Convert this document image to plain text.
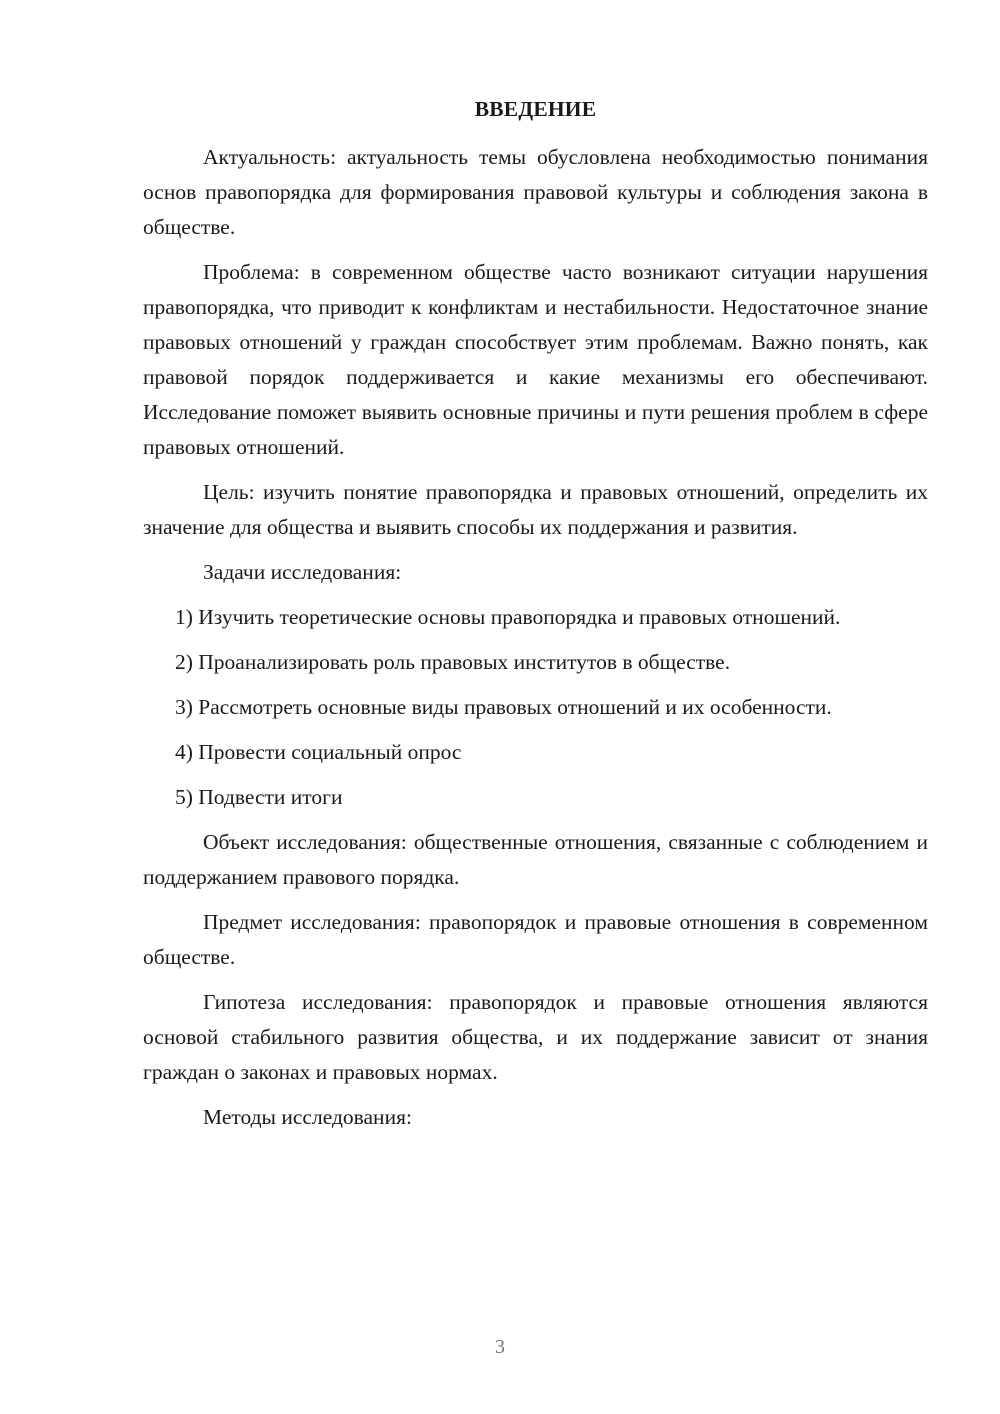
ВВЕДЕНИЕ

Актуальность: актуальность темы обусловлена необходимостью понимания основ правопорядка для формирования правовой культуры и соблюдения закона в обществе.

Проблема: в современном обществе часто возникают ситуации нарушения правопорядка, что приводит к конфликтам и нестабильности. Недостаточное знание правовых отношений у граждан способствует этим проблемам. Важно понять, как правовой порядок поддерживается и какие механизмы его обеспечивают. Исследование поможет выявить основные причины и пути решения проблем в сфере правовых отношений.

Цель: изучить понятие правопорядка и правовых отношений, определить их значение для общества и выявить способы их поддержания и развития.

Задачи исследования:

1) Изучить теоретические основы правопорядка и правовых отношений.

2) Проанализировать роль правовых институтов в обществе.

3) Рассмотреть основные виды правовых отношений и их особенности.

4) Провести социальный опрос

5) Подвести итоги

Объект исследования: общественные отношения, связанные с соблюдением и поддержанием правового порядка.

Предмет исследования: правопорядок и правовые отношения в современном обществе.

Гипотеза исследования: правопорядок и правовые отношения являются основой стабильного развития общества, и их поддержание зависит от знания граждан о законах и правовых нормах.

Методы исследования:

3
